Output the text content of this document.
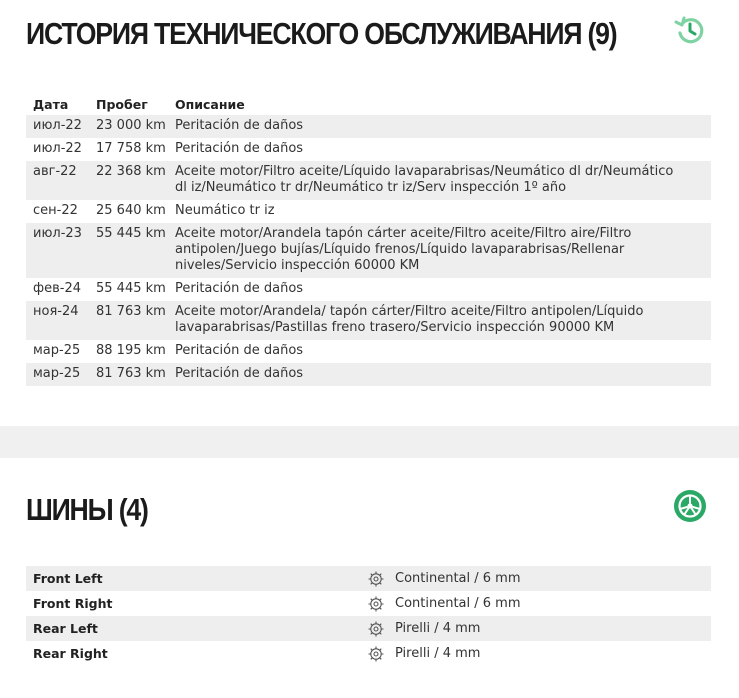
ИСТОРИЯ ТЕХНИЧЕСКОГО ОБСЛУЖИВАНИЯ (9)
Дата	Пробег	Описание
июл-22	23 000 km	Peritación de daños
июл-22	17 758 km	Peritación de daños
авг-22	22 368 km	Aceite motor/Filtro aceite/Líquido lavaparabrisas/Neumático dl dr/Neumático dl iz/Neumático tr dr/Neumático tr iz/Serv inspección 1º año
сен-22	25 640 km	Neumático tr iz
июл-23	55 445 km	Aceite motor/Arandela tapón cárter aceite/Filtro aceite/Filtro aire/Filtro antipolen/Juego bujías/Líquido frenos/Líquido lavaparabrisas/Rellenar niveles/Servicio inspección 60000 KM
фев-24	55 445 km	Peritación de daños
ноя-24	81 763 km	Aceite motor/Arandela/ tapón cárter/Filtro aceite/Filtro antipolen/Líquido lavaparabrisas/Pastillas freno trasero/Servicio inspección 90000 KM
мар-25	88 195 km	Peritación de daños
мар-25	81 763 km	Peritación de daños
ШИНЫ (4)
Front Left	Continental / 6 mm
Front Right	Continental / 6 mm
Rear Left	Pirelli / 4 mm
Rear Right	Pirelli / 4 mm
